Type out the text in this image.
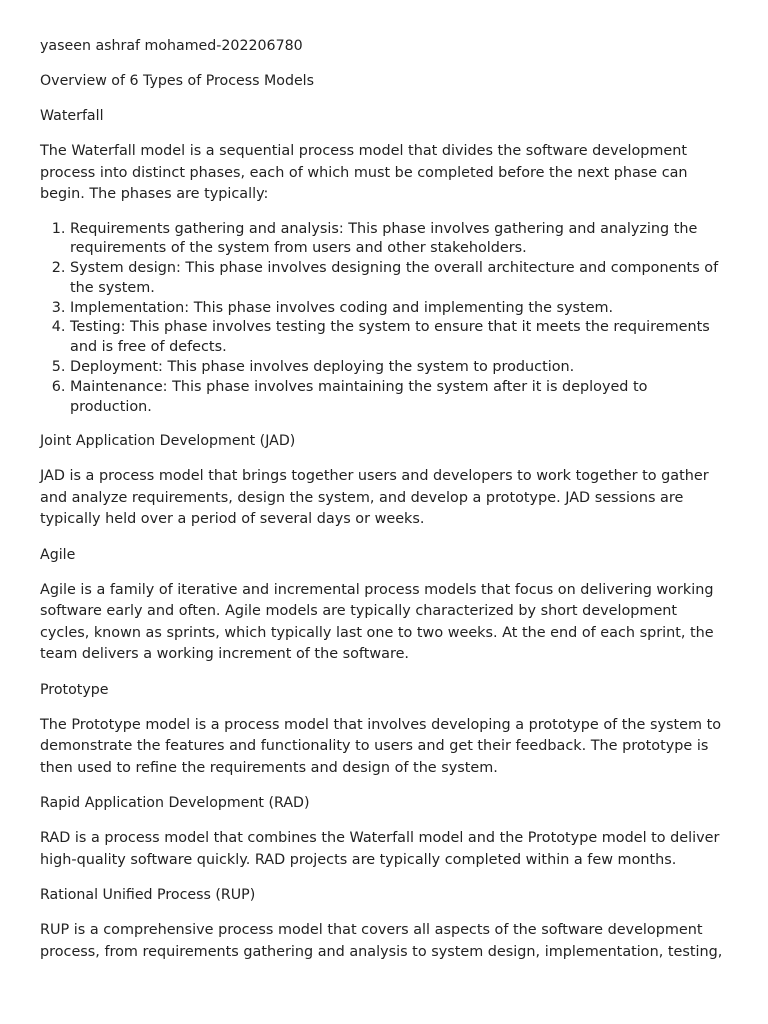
yaseen ashraf mohamed-202206780

Overview of 6 Types of Process Models

Waterfall

The Waterfall model is a sequential process model that divides the software development process into distinct phases, each of which must be completed before the next phase can begin. The phases are typically:

1. Requirements gathering and analysis: This phase involves gathering and analyzing the requirements of the system from users and other stakeholders.
2. System design: This phase involves designing the overall architecture and components of the system.
3. Implementation: This phase involves coding and implementing the system.
4. Testing: This phase involves testing the system to ensure that it meets the requirements and is free of defects.
5. Deployment: This phase involves deploying the system to production.
6. Maintenance: This phase involves maintaining the system after it is deployed to production.

Joint Application Development (JAD)

JAD is a process model that brings together users and developers to work together to gather and analyze requirements, design the system, and develop a prototype. JAD sessions are typically held over a period of several days or weeks.

Agile

Agile is a family of iterative and incremental process models that focus on delivering working software early and often. Agile models are typically characterized by short development cycles, known as sprints, which typically last one to two weeks. At the end of each sprint, the team delivers a working increment of the software.

Prototype

The Prototype model is a process model that involves developing a prototype of the system to demonstrate the features and functionality to users and get their feedback. The prototype is then used to refine the requirements and design of the system.

Rapid Application Development (RAD)

RAD is a process model that combines the Waterfall model and the Prototype model to deliver high-quality software quickly. RAD projects are typically completed within a few months.

Rational Unified Process (RUP)

RUP is a comprehensive process model that covers all aspects of the software development process, from requirements gathering and analysis to system design, implementation, testing,
